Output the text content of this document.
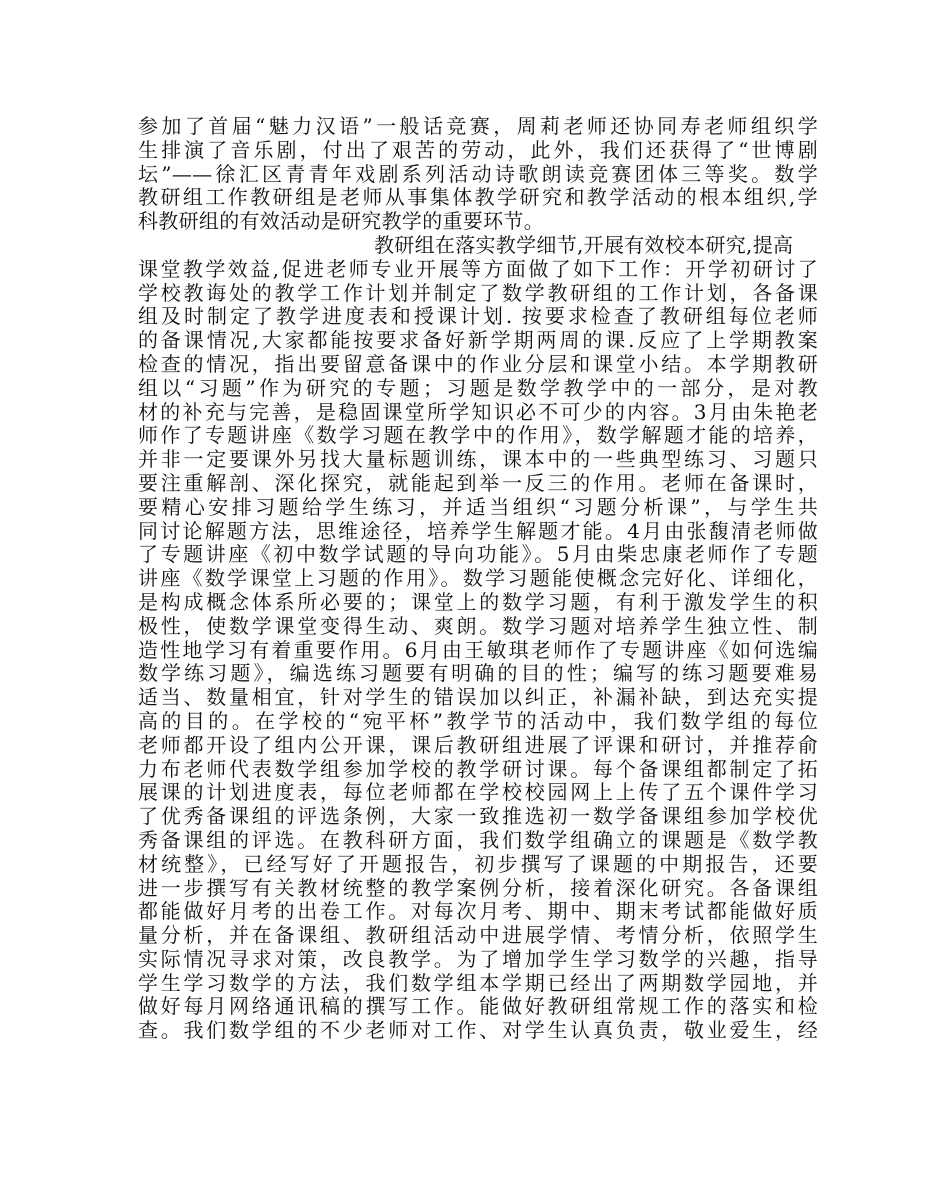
参加了首届“魅力汉语”一般话竞赛，周莉老师还协同寿老师组织学
生排演了音乐剧，付出了艰苦的劳动，此外，我们还获得了“世博剧
坛”——徐汇区青青年戏剧系列活动诗歌朗读竞赛团体三等奖。数学
教研组工作教研组是老师从事集体教学研究和教学活动的根本组织,学
科教研组的有效活动是研究教学的重要环节。
教研组在落实教学细节,开展有效校本研究,提高
课堂教学效益,促进老师专业开展等方面做了如下工作：开学初研讨了
学校教诲处的教学工作计划并制定了数学教研组的工作计划，各备课
组及时制定了教学进度表和授课计划. 按要求检查了教研组每位老师
的备课情况,大家都能按要求备好新学期两周的课.反应了上学期教案
检查的情况，指出要留意备课中的作业分层和课堂小结。本学期教研
组以“习题”作为研究的专题；习题是数学教学中的一部分，是对教
材的补充与完善，是稳固课堂所学知识必不可少的内容。3月由朱艳老
师作了专题讲座《数学习题在教学中的作用》，数学解题才能的培养，
并非一定要课外另找大量标题训练，课本中的一些典型练习、习题只
要注重解剖、深化探究，就能起到举一反三的作用。老师在备课时，
要精心安排习题给学生练习，并适当组织“习题分析课”，与学生共
同讨论解题方法，思维途径，培养学生解题才能。4月由张馥清老师做
了专题讲座《初中数学试题的导向功能》。5月由柴忠康老师作了专题
讲座《数学课堂上习题的作用》。数学习题能使概念完好化、详细化，
是构成概念体系所必要的；课堂上的数学习题，有利于激发学生的积
极性，使数学课堂变得生动、爽朗。数学习题对培养学生独立性、制
造性地学习有着重要作用。6月由王敏琪老师作了专题讲座《如何选编
数学练习题》，编选练习题要有明确的目的性；编写的练习题要难易
适当、数量相宜，针对学生的错误加以纠正，补漏补缺，到达充实提
高的目的。在学校的“宛平杯”教学节的活动中，我们数学组的每位
老师都开设了组内公开课，课后教研组进展了评课和研讨，并推荐俞
力布老师代表数学组参加学校的教学研讨课。每个备课组都制定了拓
展课的计划进度表，每位老师都在学校校园网上上传了五个课件学习
了优秀备课组的评选条例，大家一致推选初一数学备课组参加学校优
秀备课组的评选。在教科研方面，我们数学组确立的课题是《数学教
材统整》，已经写好了开题报告，初步撰写了课题的中期报告，还要
进一步撰写有关教材统整的教学案例分析，接着深化研究。各备课组
都能做好月考的出卷工作。对每次月考、期中、期末考试都能做好质
量分析，并在备课组、教研组活动中进展学情、考情分析，依照学生
实际情况寻求对策，改良教学。为了增加学生学习数学的兴趣，指导
学生学习数学的方法，我们数学组本学期已经出了两期数学园地，并
做好每月网络通讯稿的撰写工作。能做好教研组常规工作的落实和检
查。我们数学组的不少老师对工作、对学生认真负责，敬业爱生，经
